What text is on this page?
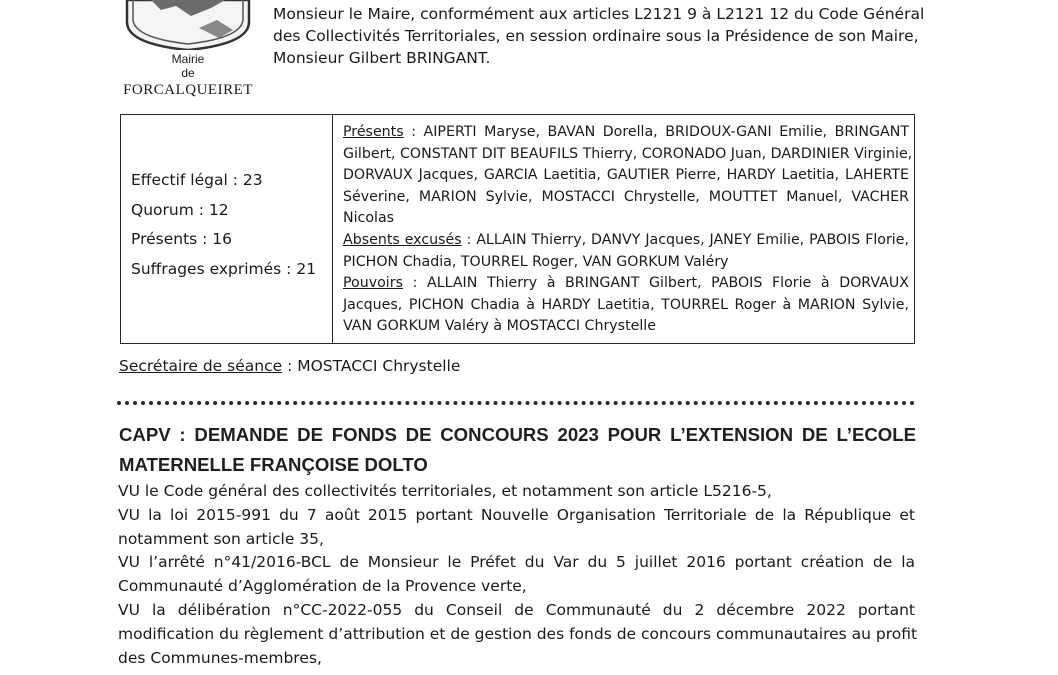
Mairie
de
FORCALQUEIRET

Monsieur le Maire, conformément aux articles L2121 9 à L2121 12 du Code Général

des Collectivités Territoriales, en session ordinaire sous la Présidence de son Maire,

Monsieur Gilbert BRINGANT.

Effectif légal : 23
Quorum : 12
Présents : 16
Suffrages exprimés : 21
Présents : AIPERTI Maryse, BAVAN Dorella, BRIDOUX-GANI Emilie, BRINGANT
Gilbert, CONSTANT DIT BEAUFILS Thierry, CORONADO Juan, DARDINIER Virginie,
DORVAUX Jacques, GARCIA Laetitia, GAUTIER Pierre, HARDY Laetitia, LAHERTE
Séverine, MARION Sylvie, MOSTACCI Chrystelle, MOUTTET Manuel, VACHER
Nicolas
Absents excusés : ALLAIN Thierry, DANVY Jacques, JANEY Emilie, PABOIS Florie,
PICHON Chadia, TOURREL Roger, VAN GORKUM Valéry
Pouvoirs : ALLAIN Thierry à BRINGANT Gilbert, PABOIS Florie à DORVAUX
Jacques, PICHON Chadia à HARDY Laetitia, TOURREL Roger à MARION Sylvie,
VAN GORKUM Valéry à MOSTACCI Chrystelle
Secrétaire de séance : MOSTACCI Chrystelle
CAPV : DEMANDE DE FONDS DE CONCOURS 2023 POUR L’EXTENSION DE L’ECOLE
MATERNELLE FRANÇOISE DOLTO
VU le Code général des collectivités territoriales, et notamment son article L5216-5,
VU la loi 2015-991 du 7 août 2015 portant Nouvelle Organisation Territoriale de la République et
notamment son article 35,
VU l’arrêté n°41/2016-BCL de Monsieur le Préfet du Var du 5 juillet 2016 portant création de la
Communauté d’Agglomération de la Provence verte,
VU la délibération n°CC-2022-055 du Conseil de Communauté du 2 décembre 2022 portant
modification du règlement d’attribution et de gestion des fonds de concours communautaires au profit
des Communes-membres,
